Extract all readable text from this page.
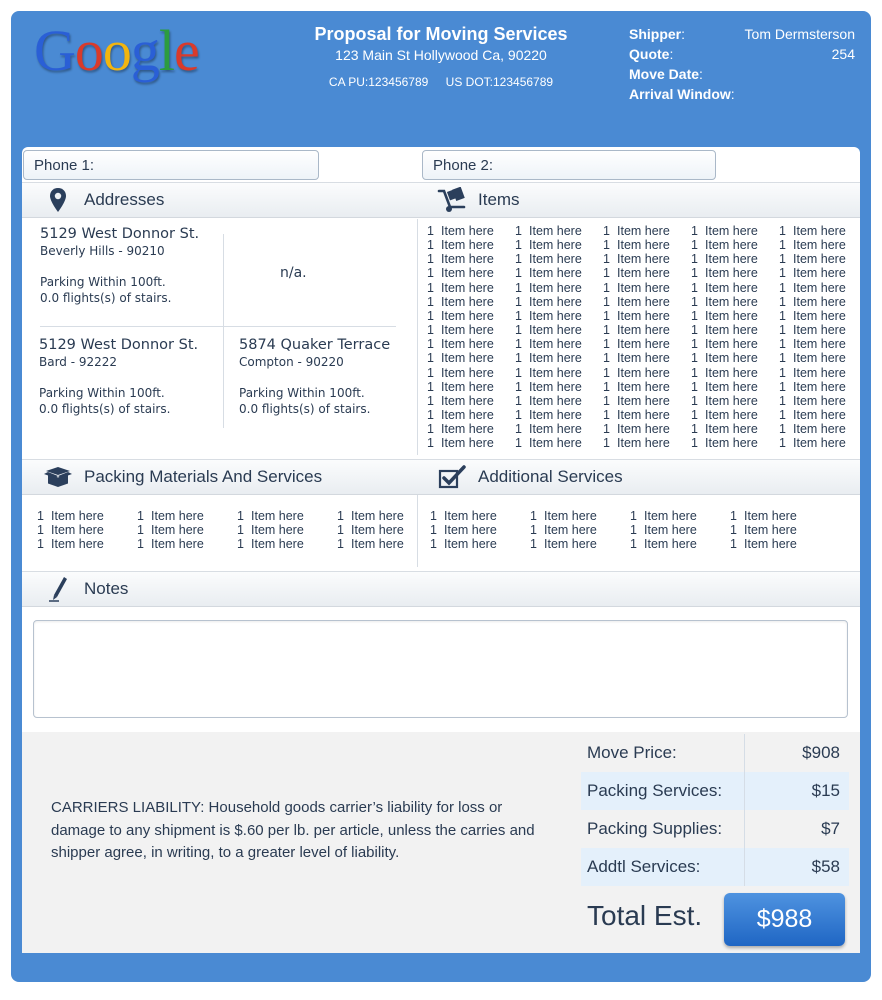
Google	Proposal for Moving Services
123 Main St Hollywood Ca, 90220
CA PU:123456789 US DOT:123456789
Shipper:	Tom Dermsterson
Quote:	254
Move Date:
Arrival Window:
Phone 1:	Phone 2:
Addresses	Items
Packing Materials And Services	Additional Services
Notes
5129 West Donnor St.
Beverly Hills - 90210
Parking Within 100ft.
0.0 flights(s) of stairs.
n/a.
5129 West Donnor St.
Bard - 92222
Parking Within 100ft.
0.0 flights(s) of stairs.
5874 Quaker Terrace
Compton - 90220
Parking Within 100ft.
0.0 flights(s) of stairs.
1 Item here
1 Item here
1 Item here
1 Item here
1 Item here
1 Item here
1 Item here
1 Item here
1 Item here
1 Item here
1 Item here
1 Item here
1 Item here
1 Item here
1 Item here
1 Item here
1 Item here
1 Item here
1 Item here
1 Item here
1 Item here
1 Item here
1 Item here
1 Item here
1 Item here
1 Item here
1 Item here
1 Item here
1 Item here
1 Item here
1 Item here
1 Item here
1 Item here
1 Item here
1 Item here
1 Item here
1 Item here
1 Item here
1 Item here
1 Item here
1 Item here
1 Item here
1 Item here
1 Item here
1 Item here
1 Item here
1 Item here
1 Item here
1 Item here
1 Item here
1 Item here
1 Item here
1 Item here
1 Item here
1 Item here
1 Item here
1 Item here
1 Item here
1 Item here
1 Item here
1 Item here
1 Item here
1 Item here
1 Item here
1 Item here
1 Item here
1 Item here
1 Item here
1 Item here
1 Item here
1 Item here
1 Item here
1 Item here
1 Item here
1 Item here
1 Item here
1 Item here
1 Item here
1 Item here
1 Item here
1 Item here
1 Item here
1 Item here
1 Item here
1 Item here
1 Item here
1 Item here
1 Item here
1 Item here
1 Item here
1 Item here
1 Item here
1 Item here
1 Item here
1 Item here
1 Item here
1 Item here
1 Item here
1 Item here
1 Item here
1 Item here
1 Item here
1 Item here
1 Item here
CARRIERS LIABILITY: Household goods carrier’s liability for loss or damage to any shipment is $.60 per lb. per article, unless the carries and shipper agree, in writing, to a greater level of liability.
Move Price:	$908
Packing Services:	$15
Packing Supplies:	$7
Addtl Services:	$58
Total Est.	$988
